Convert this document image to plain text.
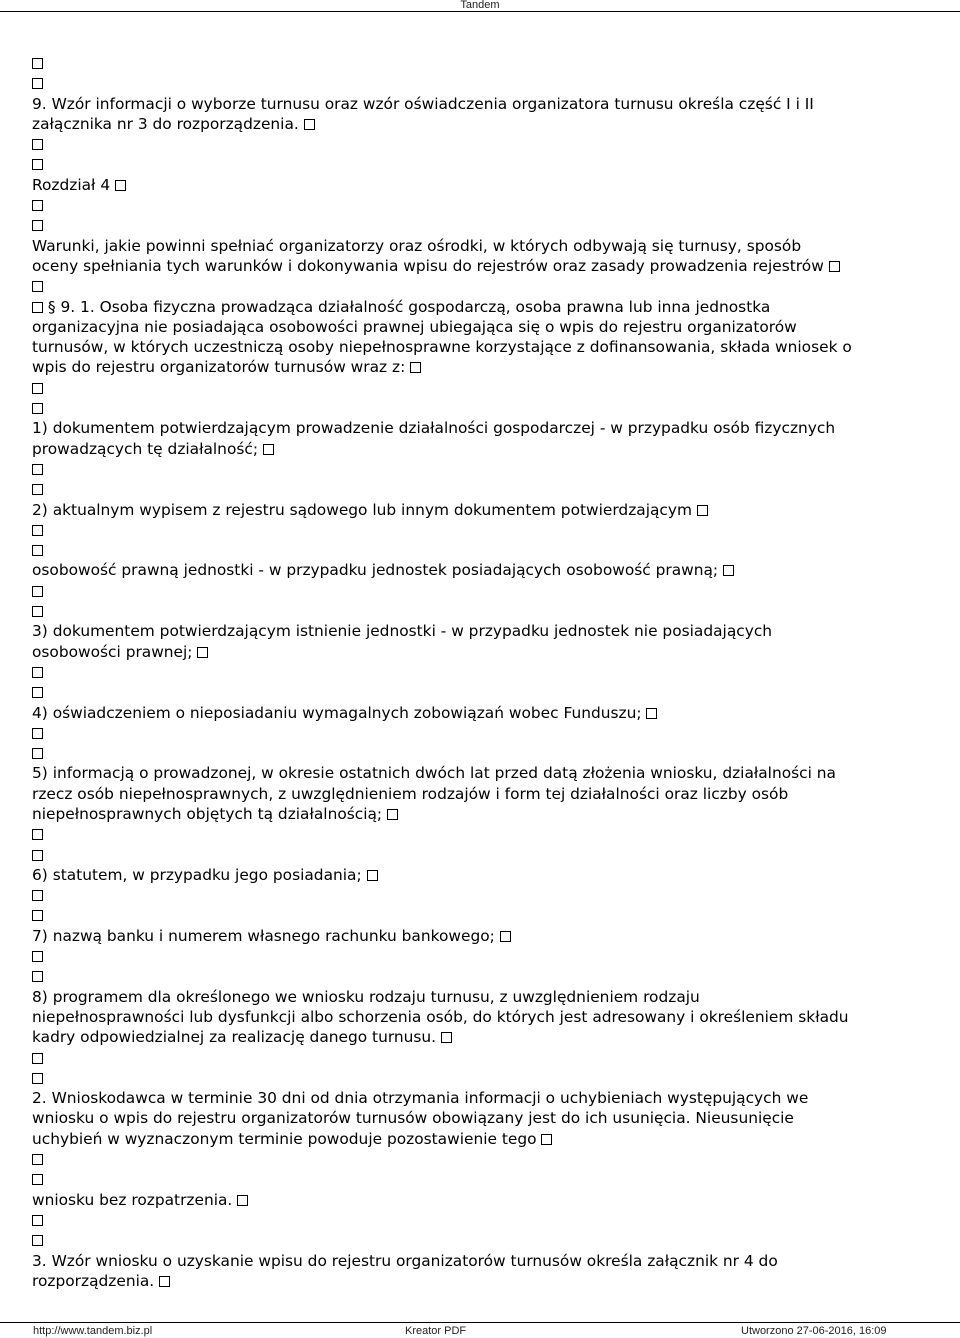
Tandem
9. Wzór informacji o wyborze turnusu oraz wzór oświadczenia organizatora turnusu określa część I i II
załącznika nr 3 do rozporządzenia.
Rozdział 4
Warunki, jakie powinni spełniać organizatorzy oraz ośrodki, w których odbywają się turnusy, sposób
oceny spełniania tych warunków i dokonywania wpisu do rejestrów oraz zasady prowadzenia rejestrów
§ 9. 1. Osoba fizyczna prowadząca działalność gospodarczą, osoba prawna lub inna jednostka
organizacyjna nie posiadająca osobowości prawnej ubiegająca się o wpis do rejestru organizatorów
turnusów, w których uczestniczą osoby niepełnosprawne korzystające z dofinansowania, składa wniosek o
wpis do rejestru organizatorów turnusów wraz z:
1) dokumentem potwierdzającym prowadzenie działalności gospodarczej - w przypadku osób fizycznych
prowadzących tę działalność;
2) aktualnym wypisem z rejestru sądowego lub innym dokumentem potwierdzającym
osobowość prawną jednostki - w przypadku jednostek posiadających osobowość prawną;
3) dokumentem potwierdzającym istnienie jednostki - w przypadku jednostek nie posiadających
osobowości prawnej;
4) oświadczeniem o nieposiadaniu wymagalnych zobowiązań wobec Funduszu;
5) informacją o prowadzonej, w okresie ostatnich dwóch lat przed datą złożenia wniosku, działalności na
rzecz osób niepełnosprawnych, z uwzględnieniem rodzajów i form tej działalności oraz liczby osób
niepełnosprawnych objętych tą działalnością;
6) statutem, w przypadku jego posiadania;
7) nazwą banku i numerem własnego rachunku bankowego;
8) programem dla określonego we wniosku rodzaju turnusu, z uwzględnieniem rodzaju
niepełnosprawności lub dysfunkcji albo schorzenia osób, do których jest adresowany i określeniem składu
kadry odpowiedzialnej za realizację danego turnusu.
2. Wnioskodawca w terminie 30 dni od dnia otrzymania informacji o uchybieniach występujących we
wniosku o wpis do rejestru organizatorów turnusów obowiązany jest do ich usunięcia. Nieusunięcie
uchybień w wyznaczonym terminie powoduje pozostawienie tego
wniosku bez rozpatrzenia.
3. Wzór wniosku o uzyskanie wpisu do rejestru organizatorów turnusów określa załącznik nr 4 do
rozporządzenia.
http://www.tandem.biz.pl	Kreator PDF	Utworzono 27-06-2016, 16:09
